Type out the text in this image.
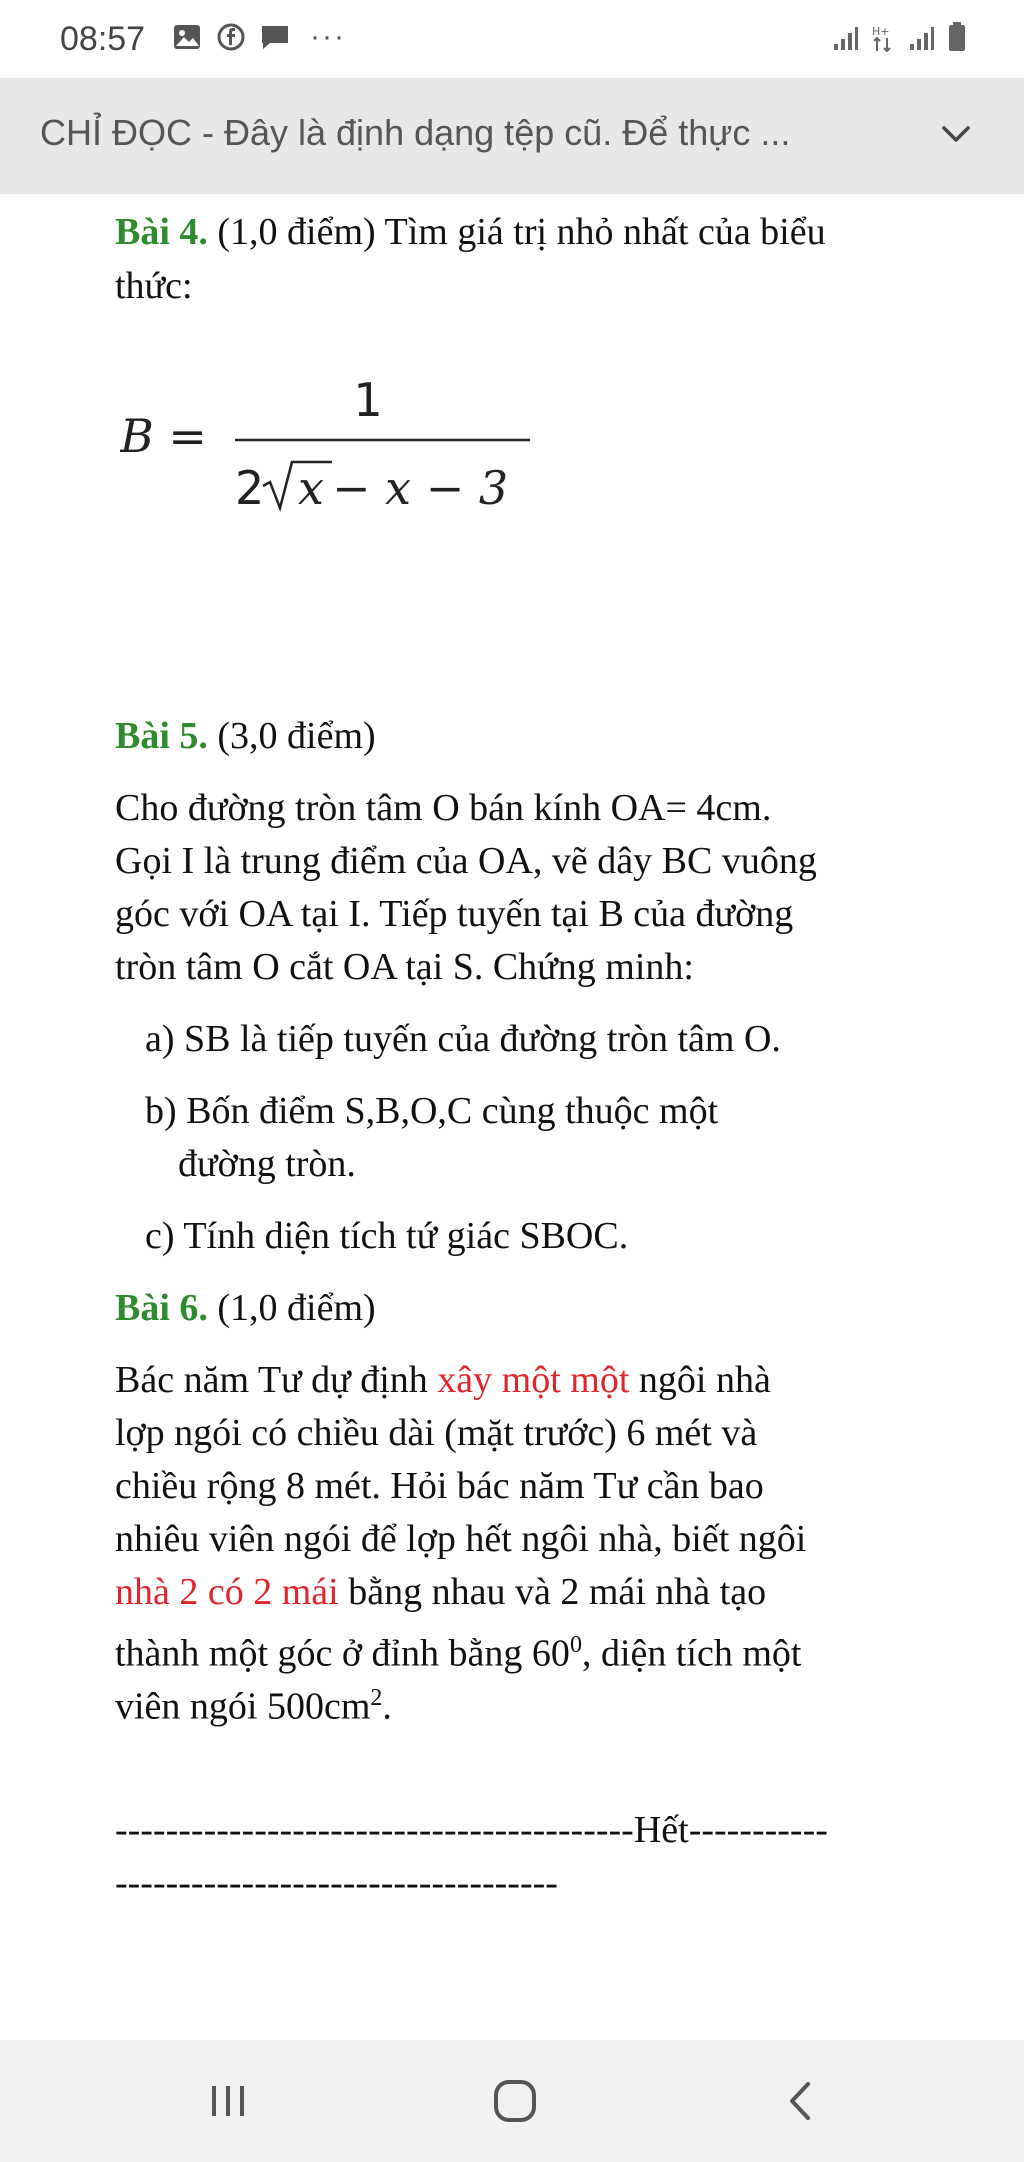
08:57	···	H+
CHỈ ĐỌC - Đây là định dạng tệp cũ. Để thực ...
Bài 4. (1,0 điểm) Tìm giá trị nhỏ nhất của biểu
thức:
B =
1
2 x − x − 3
Bài 5. (3,0 điểm)
Cho đường tròn tâm O bán kính OA= 4cm.
Gọi I là trung điểm của OA, vẽ dây BC vuông
góc với OA tại I. Tiếp tuyến tại B của đường
tròn tâm O cắt OA tại S. Chứng minh:
a) SB là tiếp tuyến của đường tròn tâm O.
b) Bốn điểm S,B,O,C cùng thuộc một
đường tròn.
c) Tính diện tích tứ giác SBOC.
Bài 6. (1,0 điểm)
Bác năm Tư dự định xây một một ngôi nhà
lợp ngói có chiều dài (mặt trước) 6 mét và
chiều rộng 8 mét. Hỏi bác năm Tư cần bao
nhiêu viên ngói để lợp hết ngôi nhà, biết ngôi
nhà 2 có 2 mái bằng nhau và 2 mái nhà tạo
thành một góc ở đỉnh bằng $60^0$, diện tích một
viên ngói $500cm^2$.
-----------------------------------------Hết-----------
-----------------------------------
